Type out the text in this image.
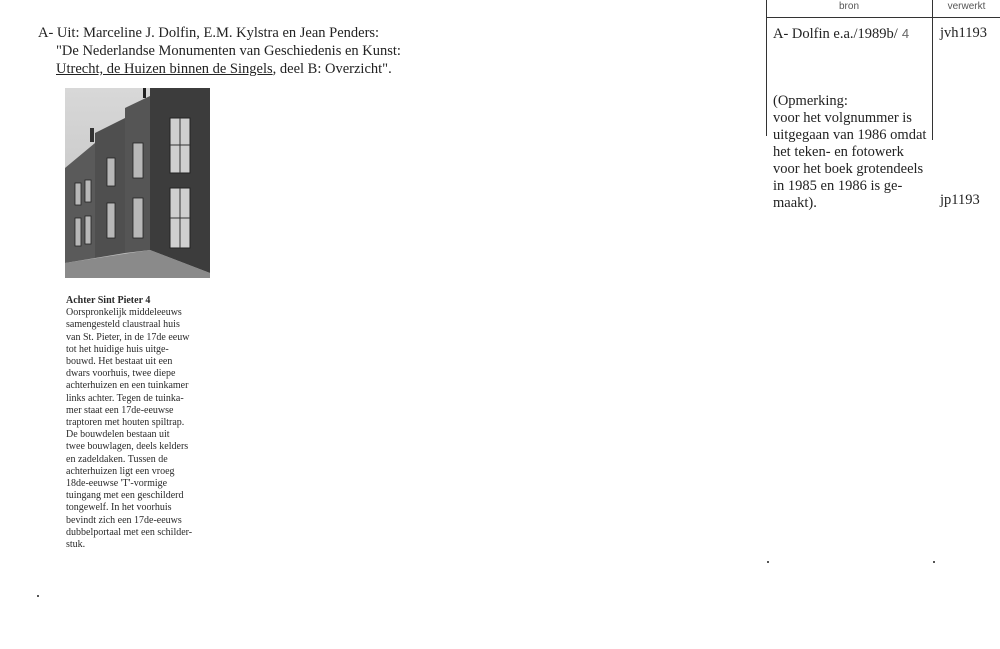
A- Uit: Marceline J. Dolfin, E.M. Kylstra en Jean Penders:
"De Nederlandse Monumenten van Geschiedenis en Kunst:
Utrecht, de Huizen binnen de Singels, deel B: Overzicht".
Achter Sint Pieter 4
Oorspronkelijk middeleeuws
samengesteld claustraal huis
van St. Pieter, in de 17de eeuw
tot het huidige huis uitge-
bouwd. Het bestaat uit een
dwars voorhuis, twee diepe
achterhuizen en een tuinkamer
links achter. Tegen de tuinka-
mer staat een 17de-eeuwse
traptoren met houten spiltrap.
De bouwdelen bestaan uit
twee bouwlagen, deels kelders
en zadeldaken. Tussen de
achterhuizen ligt een vroeg
18de-eeuwse 'T'-vormige
tuingang met een geschilderd
tongewelf. In het voorhuis
bevindt zich een 17de-eeuws
dubbelportaal met een schilder-
stuk.
bron	verwerkt
A- Dolfin e.a./1989b/ 4	jvh1193
(Opmerking:
voor het volgnummer is
uitgegaan van 1986 omdat
het teken- en fotowerk
voor het boek grotendeels
in 1985 en 1986 is ge-
maakt).	jp1193
